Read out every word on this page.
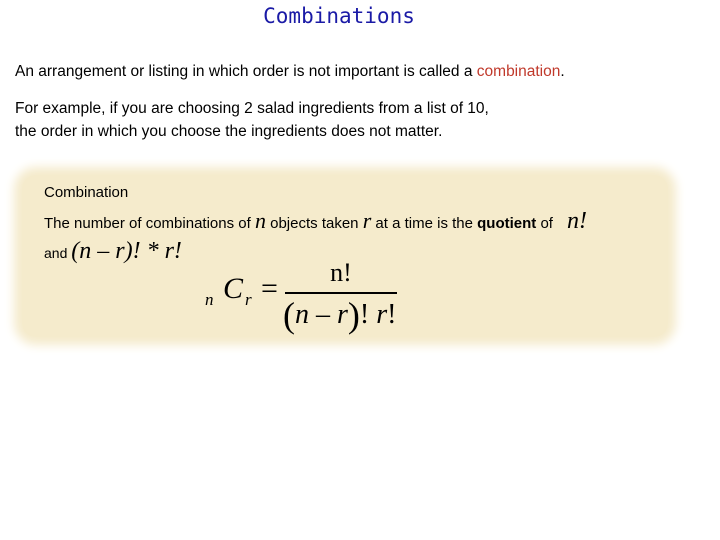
Combinations
An arrangement or listing in which order is not important is called a combination.
For example, if you are choosing 2 salad ingredients from a list of 10,
the order in which you choose the ingredients does not matter.
Combination
The number of combinations of n objects taken r at a time is the quotient of n!
and (n – r)! * r!
n C r =	n!
(n – r)! r!
